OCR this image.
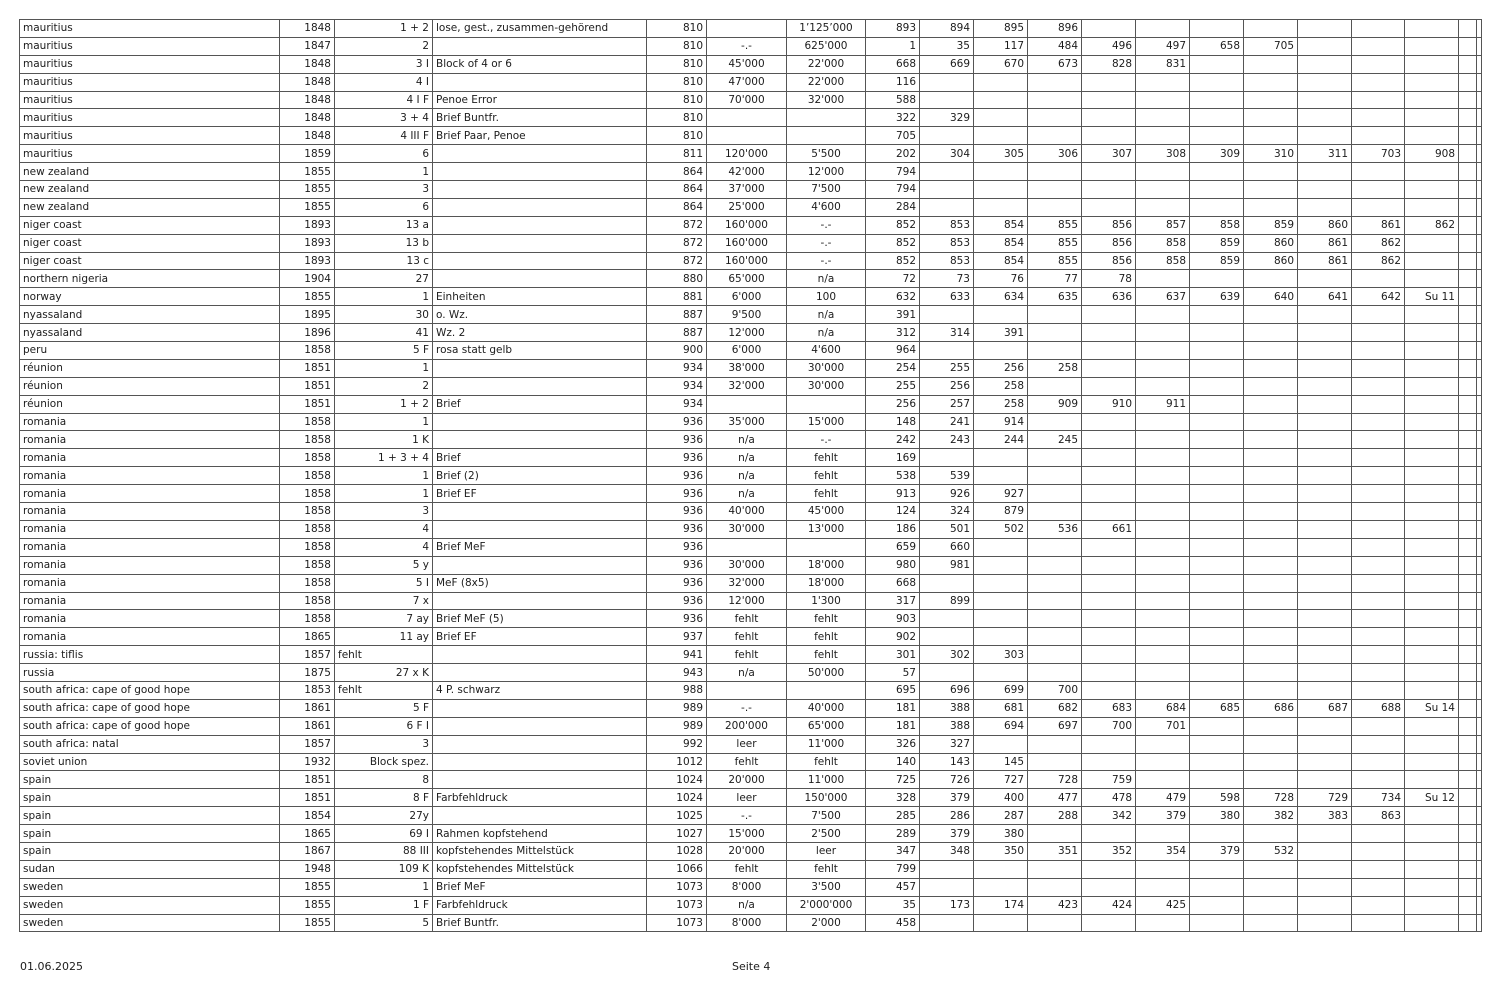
mauritius	1848	1 + 2	lose, gest., zusammen-gehörend	810		1’125’000	893	894	895	896									
mauritius	1847	2		810	-.-	625'000	1	35	117	484	496	497	658	705					
mauritius	1848	3 I	Block of 4 or 6	810	45'000	22'000	668	669	670	673	828	831							
mauritius	1848	4 I		810	47'000	22'000	116												
mauritius	1848	4 I F	Penoe Error	810	70'000	32'000	588												
mauritius	1848	3 + 4	Brief Buntfr.	810			322	329											
mauritius	1848	4 III F	Brief Paar, Penoe	810			705												
mauritius	1859	6		811	120'000	5'500	202	304	305	306	307	308	309	310	311	703	908		
new zealand	1855	1		864	42'000	12'000	794												
new zealand	1855	3		864	37'000	7'500	794												
new zealand	1855	6		864	25'000	4'600	284												
niger coast	1893	13 a		872	160'000	-.-	852	853	854	855	856	857	858	859	860	861	862		
niger coast	1893	13 b		872	160'000	-.-	852	853	854	855	856	858	859	860	861	862			
niger coast	1893	13 c		872	160'000	-.-	852	853	854	855	856	858	859	860	861	862			
northern nigeria	1904	27		880	65'000	n/a	72	73	76	77	78								
norway	1855	1	Einheiten	881	6'000	100	632	633	634	635	636	637	639	640	641	642	Su 11		
nyassaland	1895	30	o. Wz.	887	9'500	n/a	391												
nyassaland	1896	41	Wz. 2	887	12'000	n/a	312	314	391										
peru	1858	5 F	rosa statt gelb	900	6'000	4'600	964												
réunion	1851	1		934	38'000	30'000	254	255	256	258									
réunion	1851	2		934	32'000	30'000	255	256	258										
réunion	1851	1 + 2	Brief	934			256	257	258	909	910	911							
romania	1858	1		936	35'000	15'000	148	241	914										
romania	1858	1 K		936	n/a	-.-	242	243	244	245									
romania	1858	1 + 3 + 4	Brief	936	n/a	fehlt	169												
romania	1858	1	Brief (2)	936	n/a	fehlt	538	539											
romania	1858	1	Brief EF	936	n/a	fehlt	913	926	927										
romania	1858	3		936	40'000	45'000	124	324	879										
romania	1858	4		936	30'000	13'000	186	501	502	536	661								
romania	1858	4	Brief MeF	936			659	660											
romania	1858	5 y		936	30'000	18'000	980	981											
romania	1858	5 I	MeF (8x5)	936	32'000	18'000	668												
romania	1858	7 x		936	12'000	1'300	317	899											
romania	1858	7 ay	Brief MeF (5)	936	fehlt	fehlt	903												
romania	1865	11 ay	Brief EF	937	fehlt	fehlt	902												
russia: tiflis	1857	fehlt		941	fehlt	fehlt	301	302	303										
russia	1875	27 x K		943	n/a	50'000	57												
south africa: cape of good hope	1853	fehlt	4 P. schwarz	988			695	696	699	700									
south africa: cape of good hope	1861	5 F		989	-.-	40'000	181	388	681	682	683	684	685	686	687	688	Su 14		
south africa: cape of good hope	1861	6 F I		989	200'000	65'000	181	388	694	697	700	701							
south africa: natal	1857	3		992	leer	11'000	326	327											
soviet union	1932	Block spez.		1012	fehlt	fehlt	140	143	145										
spain	1851	8		1024	20'000	11'000	725	726	727	728	759								
spain	1851	8 F	Farbfehldruck	1024	leer	150'000	328	379	400	477	478	479	598	728	729	734	Su 12		
spain	1854	27y		1025	-.-	7'500	285	286	287	288	342	379	380	382	383	863			
spain	1865	69 I	Rahmen kopfstehend	1027	15'000	2'500	289	379	380										
spain	1867	88 III	kopfstehendes Mittelstück	1028	20'000	leer	347	348	350	351	352	354	379	532					
sudan	1948	109 K	kopfstehendes Mittelstück	1066	fehlt	fehlt	799												
sweden	1855	1	Brief MeF	1073	8'000	3'500	457												
sweden	1855	1 F	Farbfehldruck	1073	n/a	2'000'000	35	173	174	423	424	425							
sweden	1855	5	Brief Buntfr.	1073	8'000	2'000	458												
01.06.2025	Seite 4
